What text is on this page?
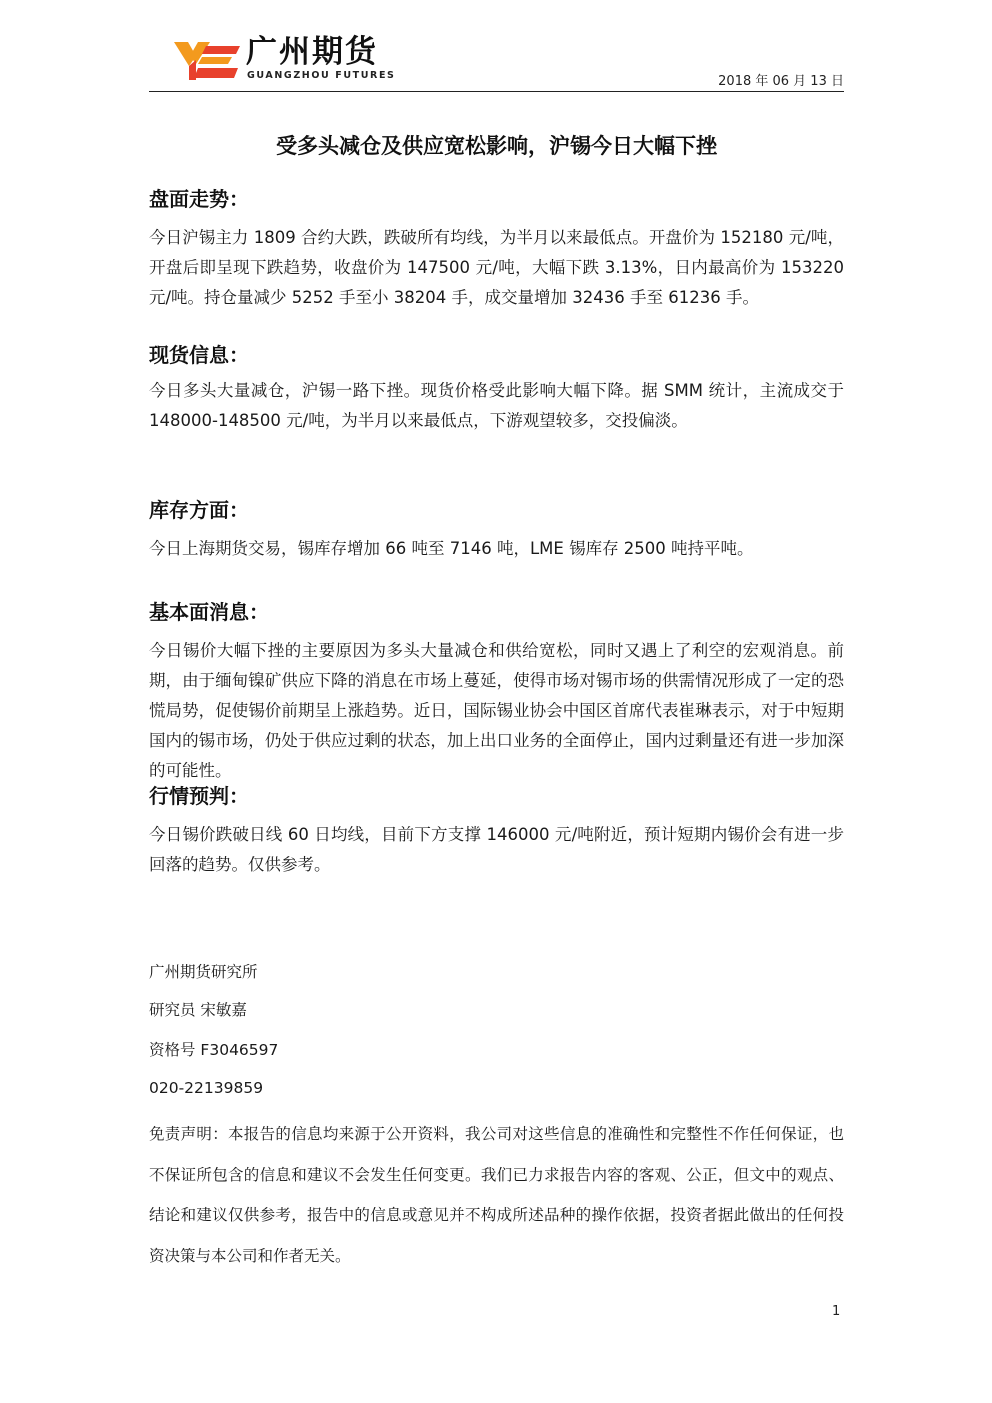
广州期货
GUANGZHOU FUTURES	2018 年 06 月 13 日
受多头减仓及供应宽松影响，沪锡今日大幅下挫
盘面走势：
今日沪锡主力 1809 合约大跌，跌破所有均线，为半月以来最低点。开盘价为 152180 元/吨，开盘后即呈现下跌趋势，收盘价为 147500 元/吨，大幅下跌 3.13%，日内最高价为 153220 元/吨。持仓量减少 5252 手至小 38204 手，成交量增加 32436 手至 61236 手。
现货信息：
今日多头大量减仓，沪锡一路下挫。现货价格受此影响大幅下降。据 SMM 统计，主流成交于 148000-148500 元/吨，为半月以来最低点，下游观望较多，交投偏淡。
库存方面：
今日上海期货交易，锡库存增加 66 吨至 7146 吨，LME 锡库存 2500 吨持平吨。
基本面消息：
今日锡价大幅下挫的主要原因为多头大量减仓和供给宽松，同时又遇上了利空的宏观消息。前期，由于缅甸镍矿供应下降的消息在市场上蔓延，使得市场对锡市场的供需情况形成了一定的恐慌局势，促使锡价前期呈上涨趋势。近日，国际锡业协会中国区首席代表崔琳表示，对于中短期国内的锡市场，仍处于供应过剩的状态，加上出口业务的全面停止，国内过剩量还有进一步加深的可能性。
行情预判：
今日锡价跌破日线 60 日均线，目前下方支撑 146000 元/吨附近，预计短期内锡价会有进一步回落的趋势。仅供参考。
广州期货研究所
研究员 宋敏嘉
资格号 F3046597
020-22139859
免责声明：本报告的信息均来源于公开资料，我公司对这些信息的准确性和完整性不作任何保证，也不保证所包含的信息和建议不会发生任何变更。我们已力求报告内容的客观、公正，但文中的观点、结论和建议仅供参考，报告中的信息或意见并不构成所述品种的操作依据，投资者据此做出的任何投资决策与本公司和作者无关。
1
